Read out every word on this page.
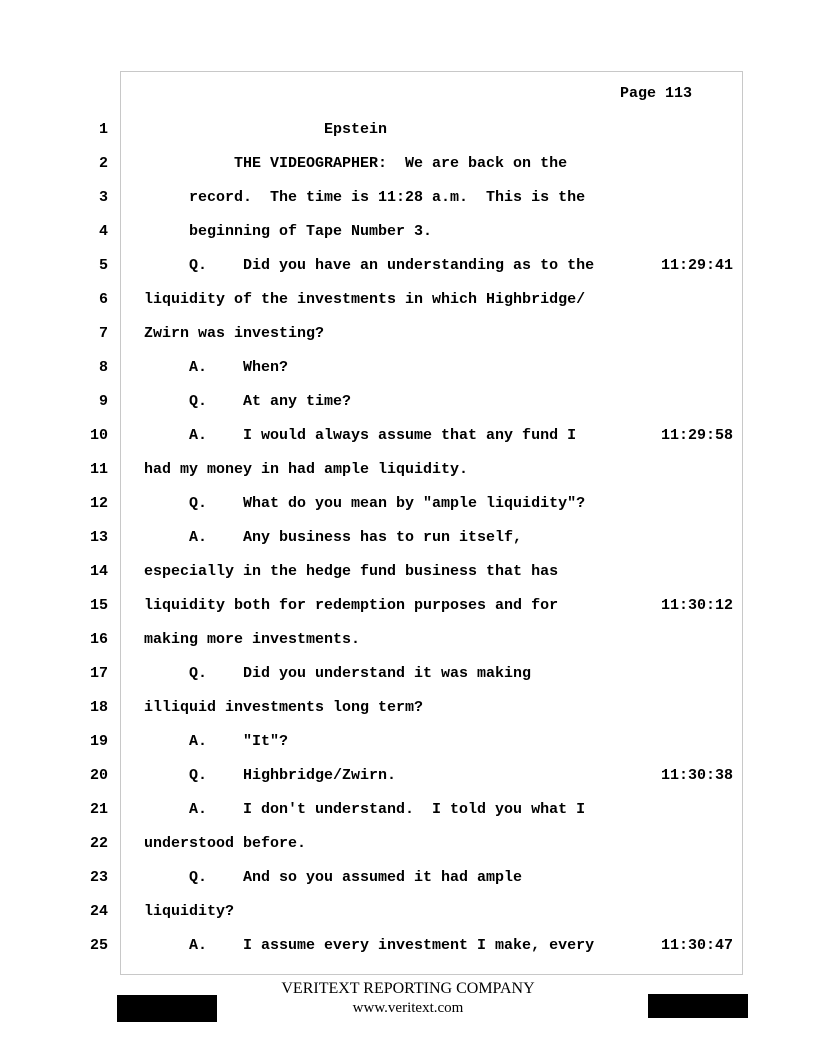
Page 113
1 Epstein
2 THE VIDEOGRAPHER:  We are back on the
3 record.  The time is 11:28 a.m.  This is the
4 beginning of Tape Number 3.
5 Q.    Did you have an understanding as to the	11:29:41
6 liquidity of the investments in which Highbridge/
7 Zwirn was investing?
8 A.    When?
9 Q.    At any time?
10 A.    I would always assume that any fund I	11:29:58
11 had my money in had ample liquidity.
12 Q.    What do you mean by "ample liquidity"?
13 A.    Any business has to run itself,
14 especially in the hedge fund business that has
15 liquidity both for redemption purposes and for	11:30:12
16 making more investments.
17 Q.    Did you understand it was making
18 illiquid investments long term?
19 A.    "It"?
20 Q.    Highbridge/Zwirn.	11:30:38
21 A.    I don't understand.  I told you what I
22 understood before.
23 Q.    And so you assumed it had ample
24 liquidity?
25 A.    I assume every investment I make, every	11:30:47
VERITEXT REPORTING COMPANY
www.veritext.com
